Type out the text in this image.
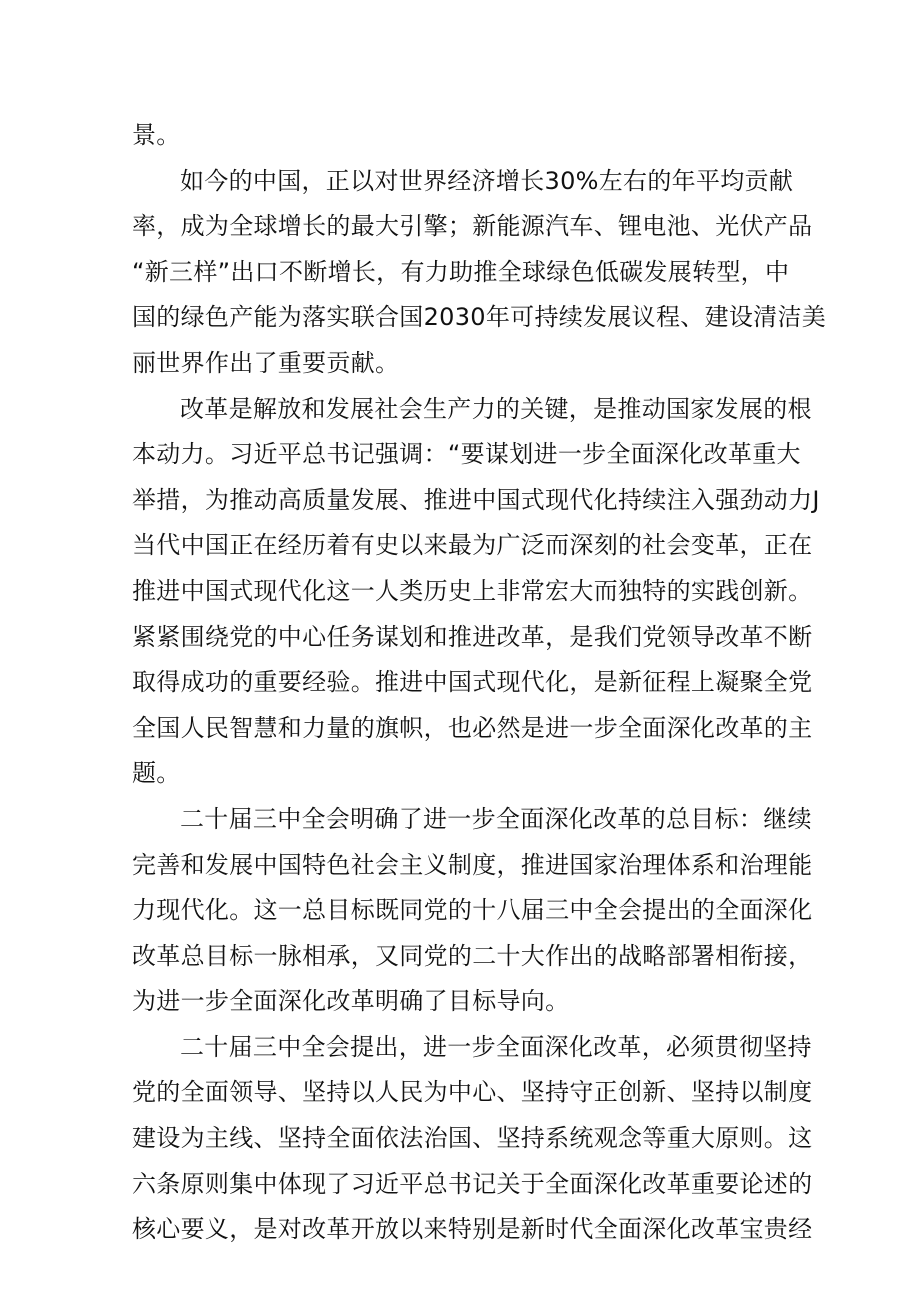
景。
如今的中国，正以对世界经济增长30%左右的年平均贡献
率，成为全球增长的最大引擎；新能源汽车、锂电池、光伏产品
“新三样”出口不断增长，有力助推全球绿色低碳发展转型，中
国的绿色产能为落实联合国2030年可持续发展议程、建设清洁美
丽世界作出了重要贡献。
改革是解放和发展社会生产力的关键，是推动国家发展的根
本动力。习近平总书记强调：“要谋划进一步全面深化改革重大
举措，为推动高质量发展、推进中国式现代化持续注入强劲动力J
当代中国正在经历着有史以来最为广泛而深刻的社会变革，正在
推进中国式现代化这一人类历史上非常宏大而独特的实践创新。
紧紧围绕党的中心任务谋划和推进改革，是我们党领导改革不断
取得成功的重要经验。推进中国式现代化，是新征程上凝聚全党
全国人民智慧和力量的旗帜，也必然是进一步全面深化改革的主
题。
二十届三中全会明确了进一步全面深化改革的总目标：继续
完善和发展中国特色社会主义制度，推进国家治理体系和治理能
力现代化。这一总目标既同党的十八届三中全会提出的全面深化
改革总目标一脉相承，又同党的二十大作出的战略部署相衔接，
为进一步全面深化改革明确了目标导向。
二十届三中全会提出，进一步全面深化改革，必须贯彻坚持
党的全面领导、坚持以人民为中心、坚持守正创新、坚持以制度
建设为主线、坚持全面依法治国、坚持系统观念等重大原则。这
六条原则集中体现了习近平总书记关于全面深化改革重要论述的
核心要义，是对改革开放以来特别是新时代全面深化改革宝贵经
